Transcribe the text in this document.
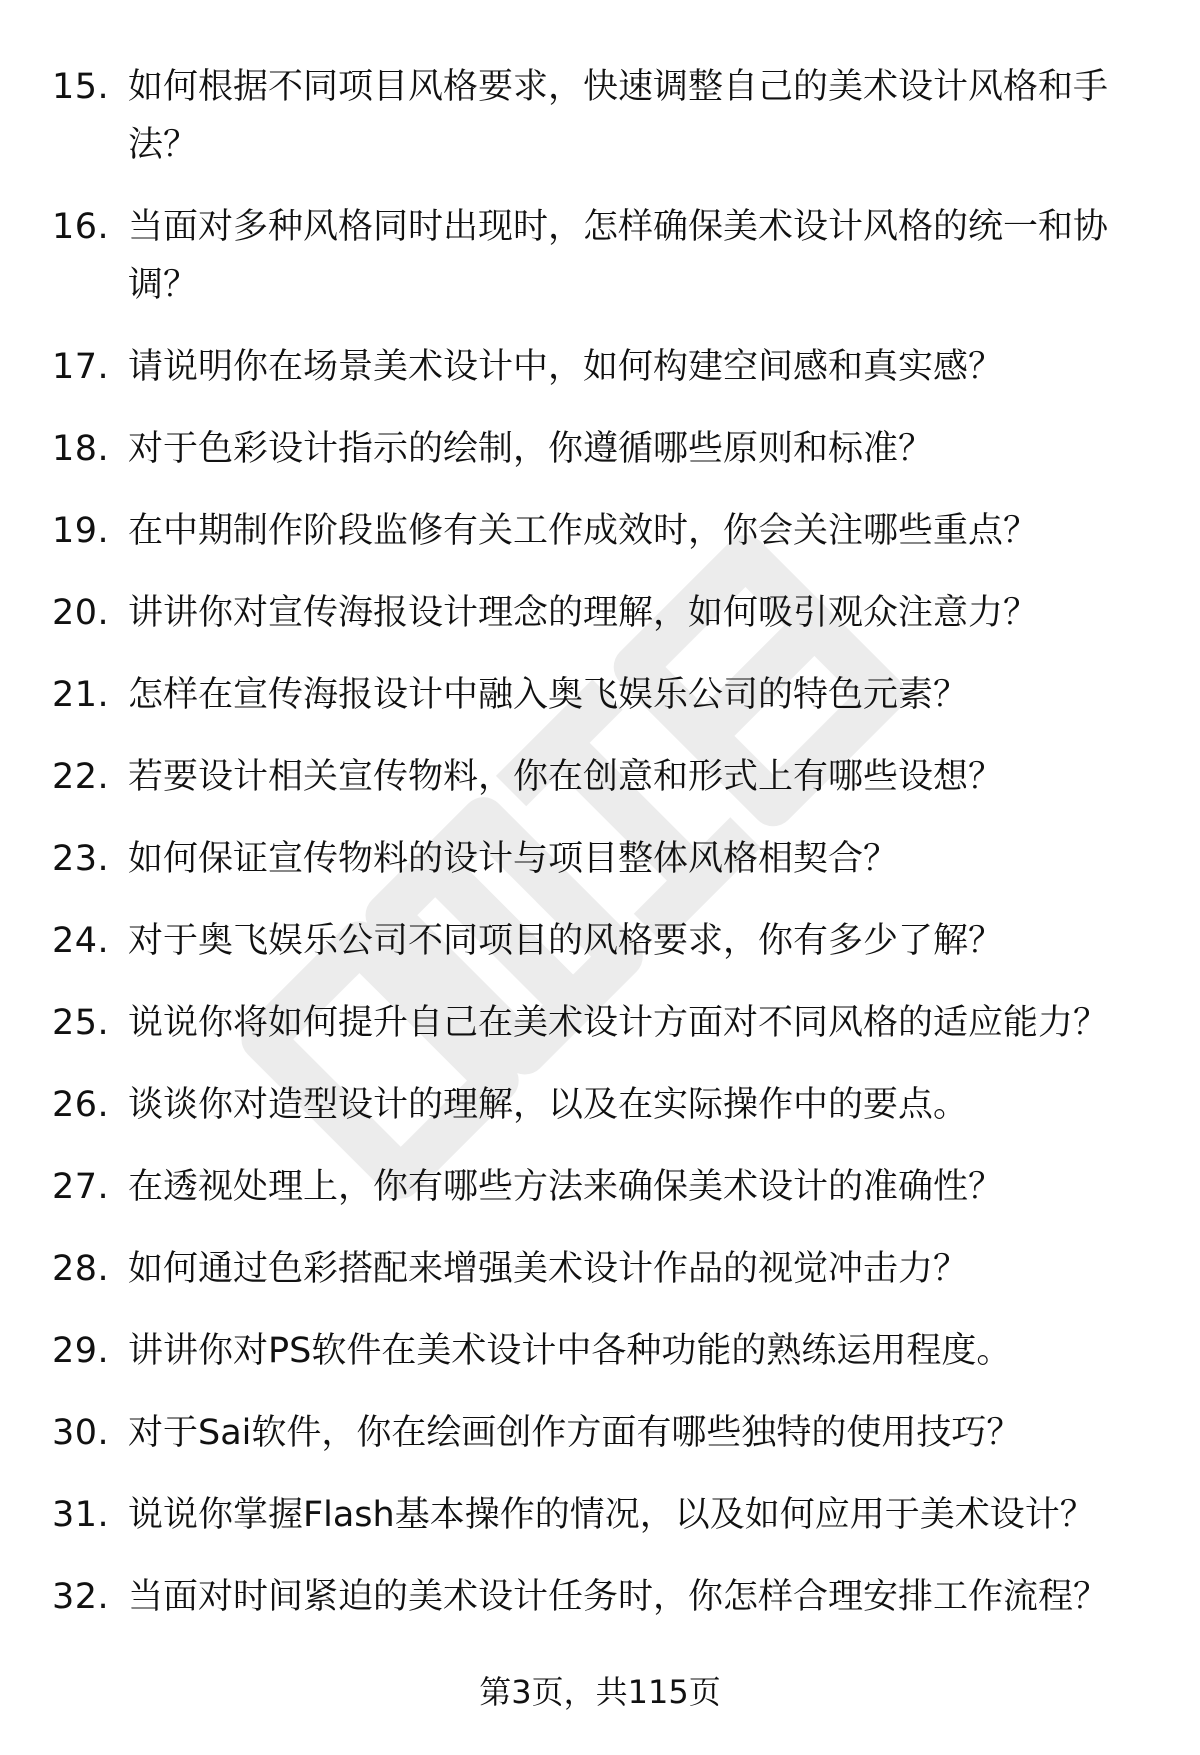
15. 如何根据不同项目风格要求，快速调整自己的美术设计风格和手法？
16. 当面对多种风格同时出现时，怎样确保美术设计风格的统一和协调？
17. 请说明你在场景美术设计中，如何构建空间感和真实感？
18. 对于色彩设计指示的绘制，你遵循哪些原则和标准？
19. 在中期制作阶段监修有关工作成效时，你会关注哪些重点？
20. 讲讲你对宣传海报设计理念的理解，如何吸引观众注意力？
21. 怎样在宣传海报设计中融入奥飞娱乐公司的特色元素？
22. 若要设计相关宣传物料，你在创意和形式上有哪些设想？
23. 如何保证宣传物料的设计与项目整体风格相契合？
24. 对于奥飞娱乐公司不同项目的风格要求，你有多少了解？
25. 说说你将如何提升自己在美术设计方面对不同风格的适应能力？
26. 谈谈你对造型设计的理解，以及在实际操作中的要点。
27. 在透视处理上，你有哪些方法来确保美术设计的准确性？
28. 如何通过色彩搭配来增强美术设计作品的视觉冲击力？
29. 讲讲你对PS软件在美术设计中各种功能的熟练运用程度。
30. 对于Sai软件，你在绘画创作方面有哪些独特的使用技巧？
31. 说说你掌握Flash基本操作的情况，以及如何应用于美术设计？
32. 当面对时间紧迫的美术设计任务时，你怎样合理安排工作流程？
第3页，共115页
